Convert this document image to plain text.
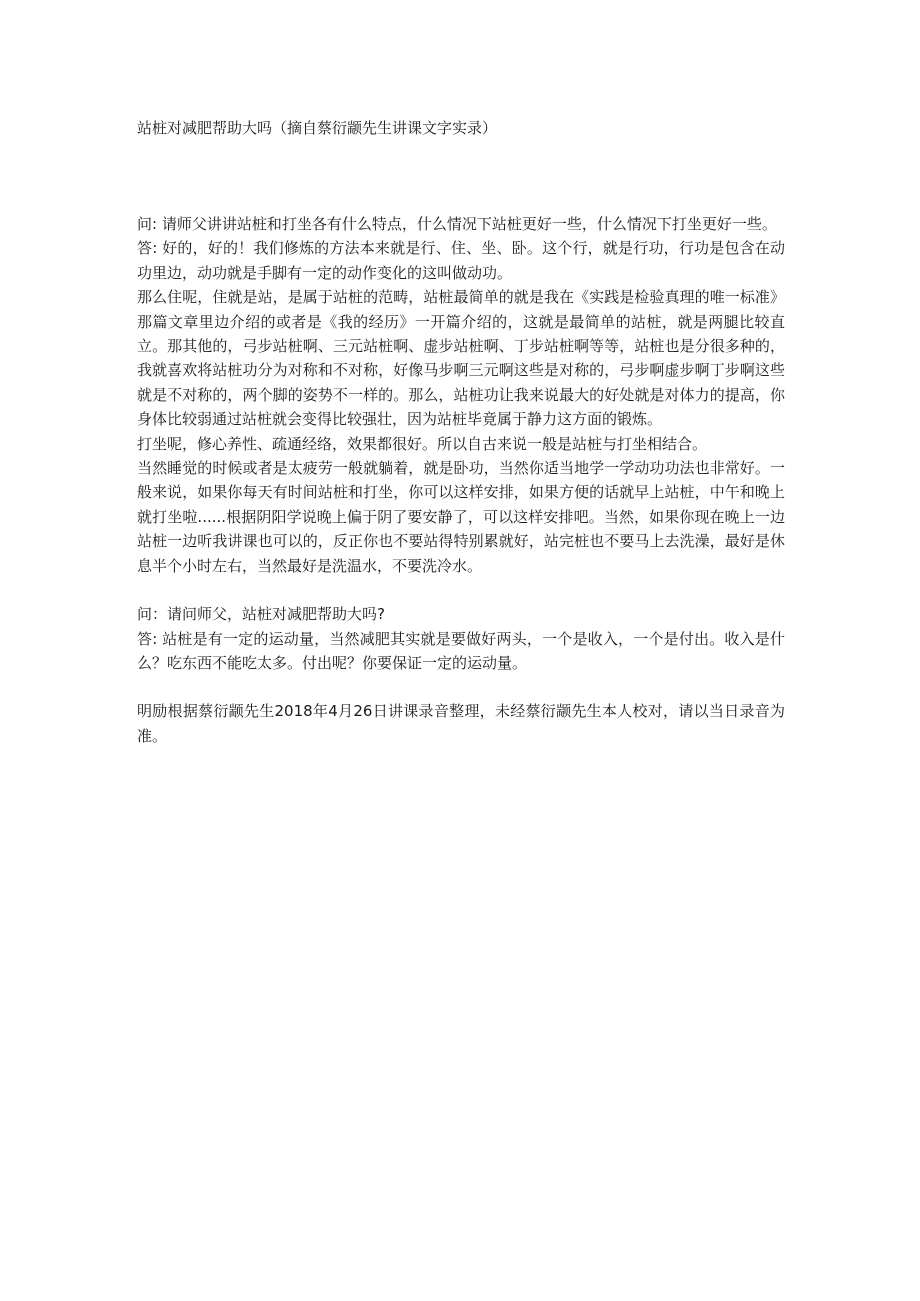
站桩对减肥帮助大吗（摘自蔡衍颛先生讲课文字实录）

问: 请师父讲讲站桩和打坐各有什么特点，什么情况下站桩更好一些，什么情况下打坐更好一些。

答: 好的，好的！我们修炼的方法本来就是行、住、坐、卧。这个行，就是行功，行功是包含在动功里边，动功就是手脚有一定的动作变化的这叫做动功。

那么住呢，住就是站，是属于站桩的范畴，站桩最简单的就是我在《实践是检验真理的唯一标准》那篇文章里边介绍的或者是《我的经历》一开篇介绍的，这就是最简单的站桩，就是两腿比较直立。那其他的，弓步站桩啊、三元站桩啊、虚步站桩啊、丁步站桩啊等等，站桩也是分很多种的，我就喜欢将站桩功分为对称和不对称，好像马步啊三元啊这些是对称的，弓步啊虚步啊丁步啊这些就是不对称的，两个脚的姿势不一样的。那么，站桩功让我来说最大的好处就是对体力的提高，你身体比较弱通过站桩就会变得比较强壮，因为站桩毕竟属于静力这方面的锻炼。

打坐呢，修心养性、疏通经络，效果都很好。所以自古来说一般是站桩与打坐相结合。

当然睡觉的时候或者是太疲劳一般就躺着，就是卧功，当然你适当地学一学动功功法也非常好。一般来说，如果你每天有时间站桩和打坐，你可以这样安排，如果方便的话就早上站桩，中午和晚上就打坐啦......根据阴阳学说晚上偏于阴了要安静了，可以这样安排吧。当然，如果你现在晚上一边站桩一边听我讲课也可以的，反正你也不要站得特别累就好，站完桩也不要马上去洗澡，最好是休息半个小时左右，当然最好是洗温水，不要洗冷水。

问：请问师父，站桩对减肥帮助大吗?

答: 站桩是有一定的运动量，当然减肥其实就是要做好两头，一个是收入，一个是付出。收入是什么？吃东西不能吃太多。付出呢？你要保证一定的运动量。

明励根据蔡衍颛先生2018年4月26日讲课录音整理，未经蔡衍颛先生本人校对，请以当日录音为准。
